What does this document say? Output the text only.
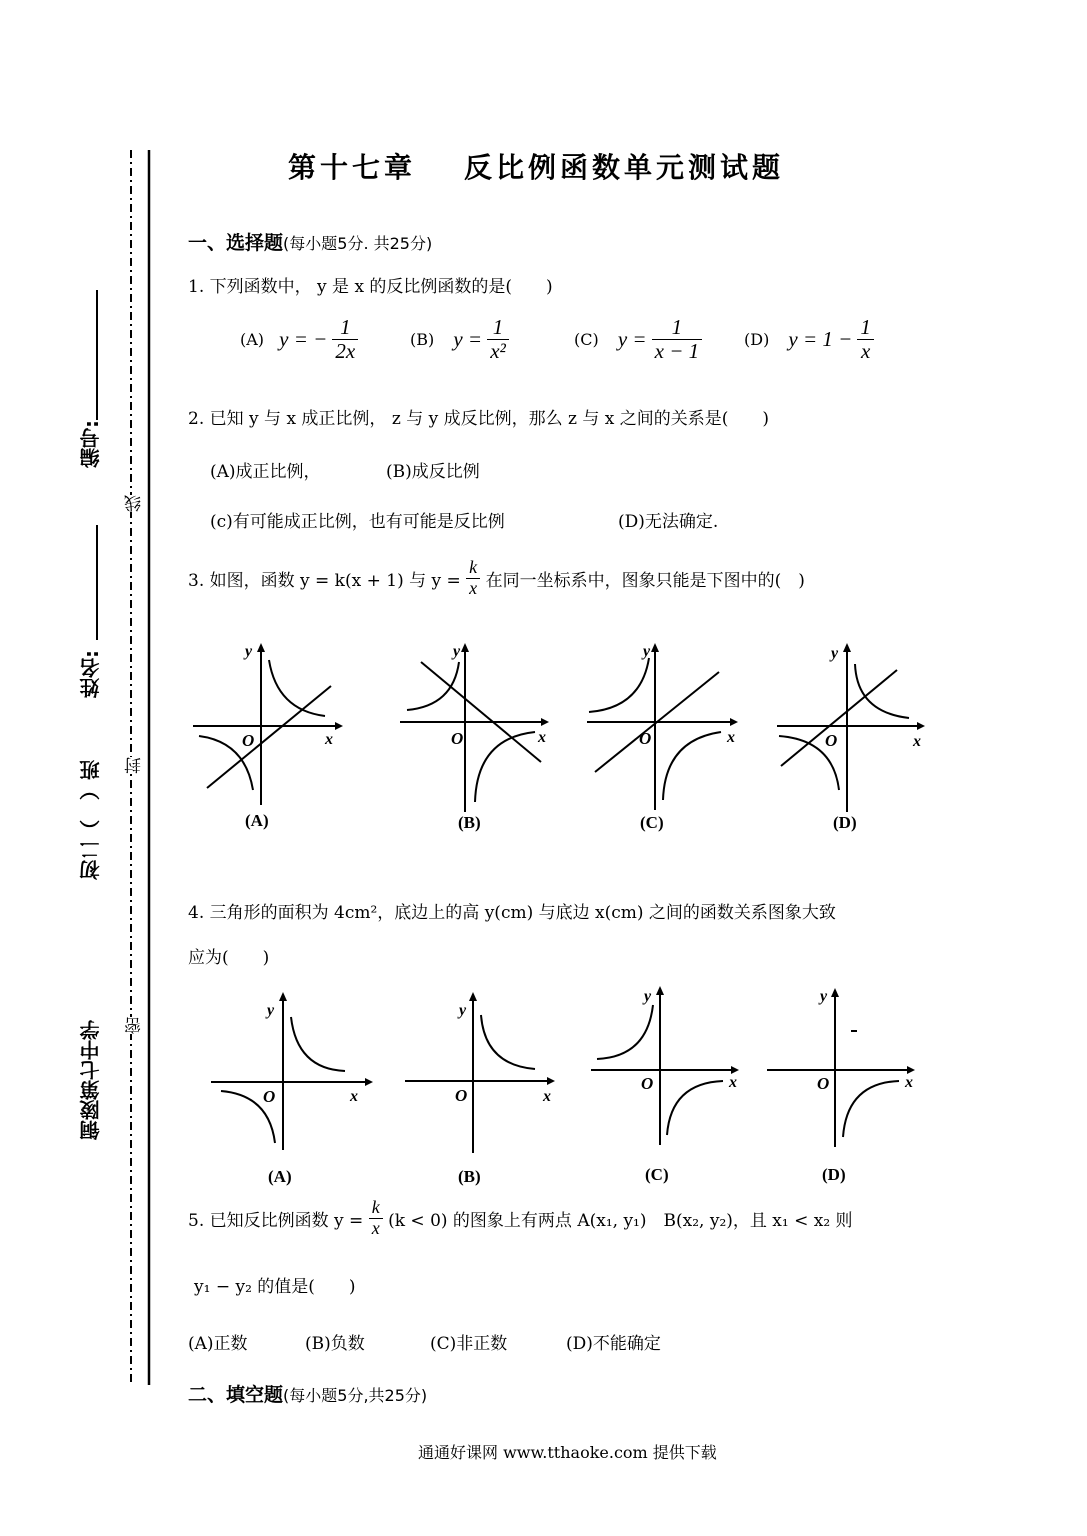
编号:
姓名:
初二（　）班
铜陵第七中学
线
封
密
第十七章 反比例函数单元测试题
一、选择题(每小题5分. 共25分)
1. 下列函数中， y 是 x 的反比例函数的是(　　)
(A) y = − $\frac{1}{2x}$	(B) $y = \frac{1}{\text{x²}}$	(C) $y = \frac{1}{x - 1}$	(D) $y = 1 - \frac{1}{x}$
2. 已知 y 与 x 成正比例， z 与 y 成反比例，那么 z 与 x 之间的关系是(　　)
(A)成正比例，	(B)成反比例
(c)有可能成正比例，也有可能是反比例	(D)无法确定.
3. 如图，函数 y = k(x + 1) 与 $y = \frac{k}{x}$ 在同一坐标系中，图象只能是下图中的(　)
x
y
O	x
y
O	x
y
O	x
y
O
(A)	(B)	(C)	(D)
4. 三角形的面积为 4cm²，底边上的高 y(cm) 与底边 x(cm) 之间的函数关系图象大致
应为(　　)
x
y
O	x
y
O
x
y
O	x
y
O
(A)	(B)	(C)	(D)
5. 已知反比例函数 $y = \frac{k}{x} (k < 0)$ 的图象上有两点 A(x₁, y₁)　B(x₂, y₂)，且 x₁ < x₂ 则
y₁ − y₂ 的值是(　　)
(A)正数	(B)负数	(C)非正数	(D)不能确定
二、填空题(每小题5分,共25分)
通通好课网 www.tthaoke.com 提供下载
